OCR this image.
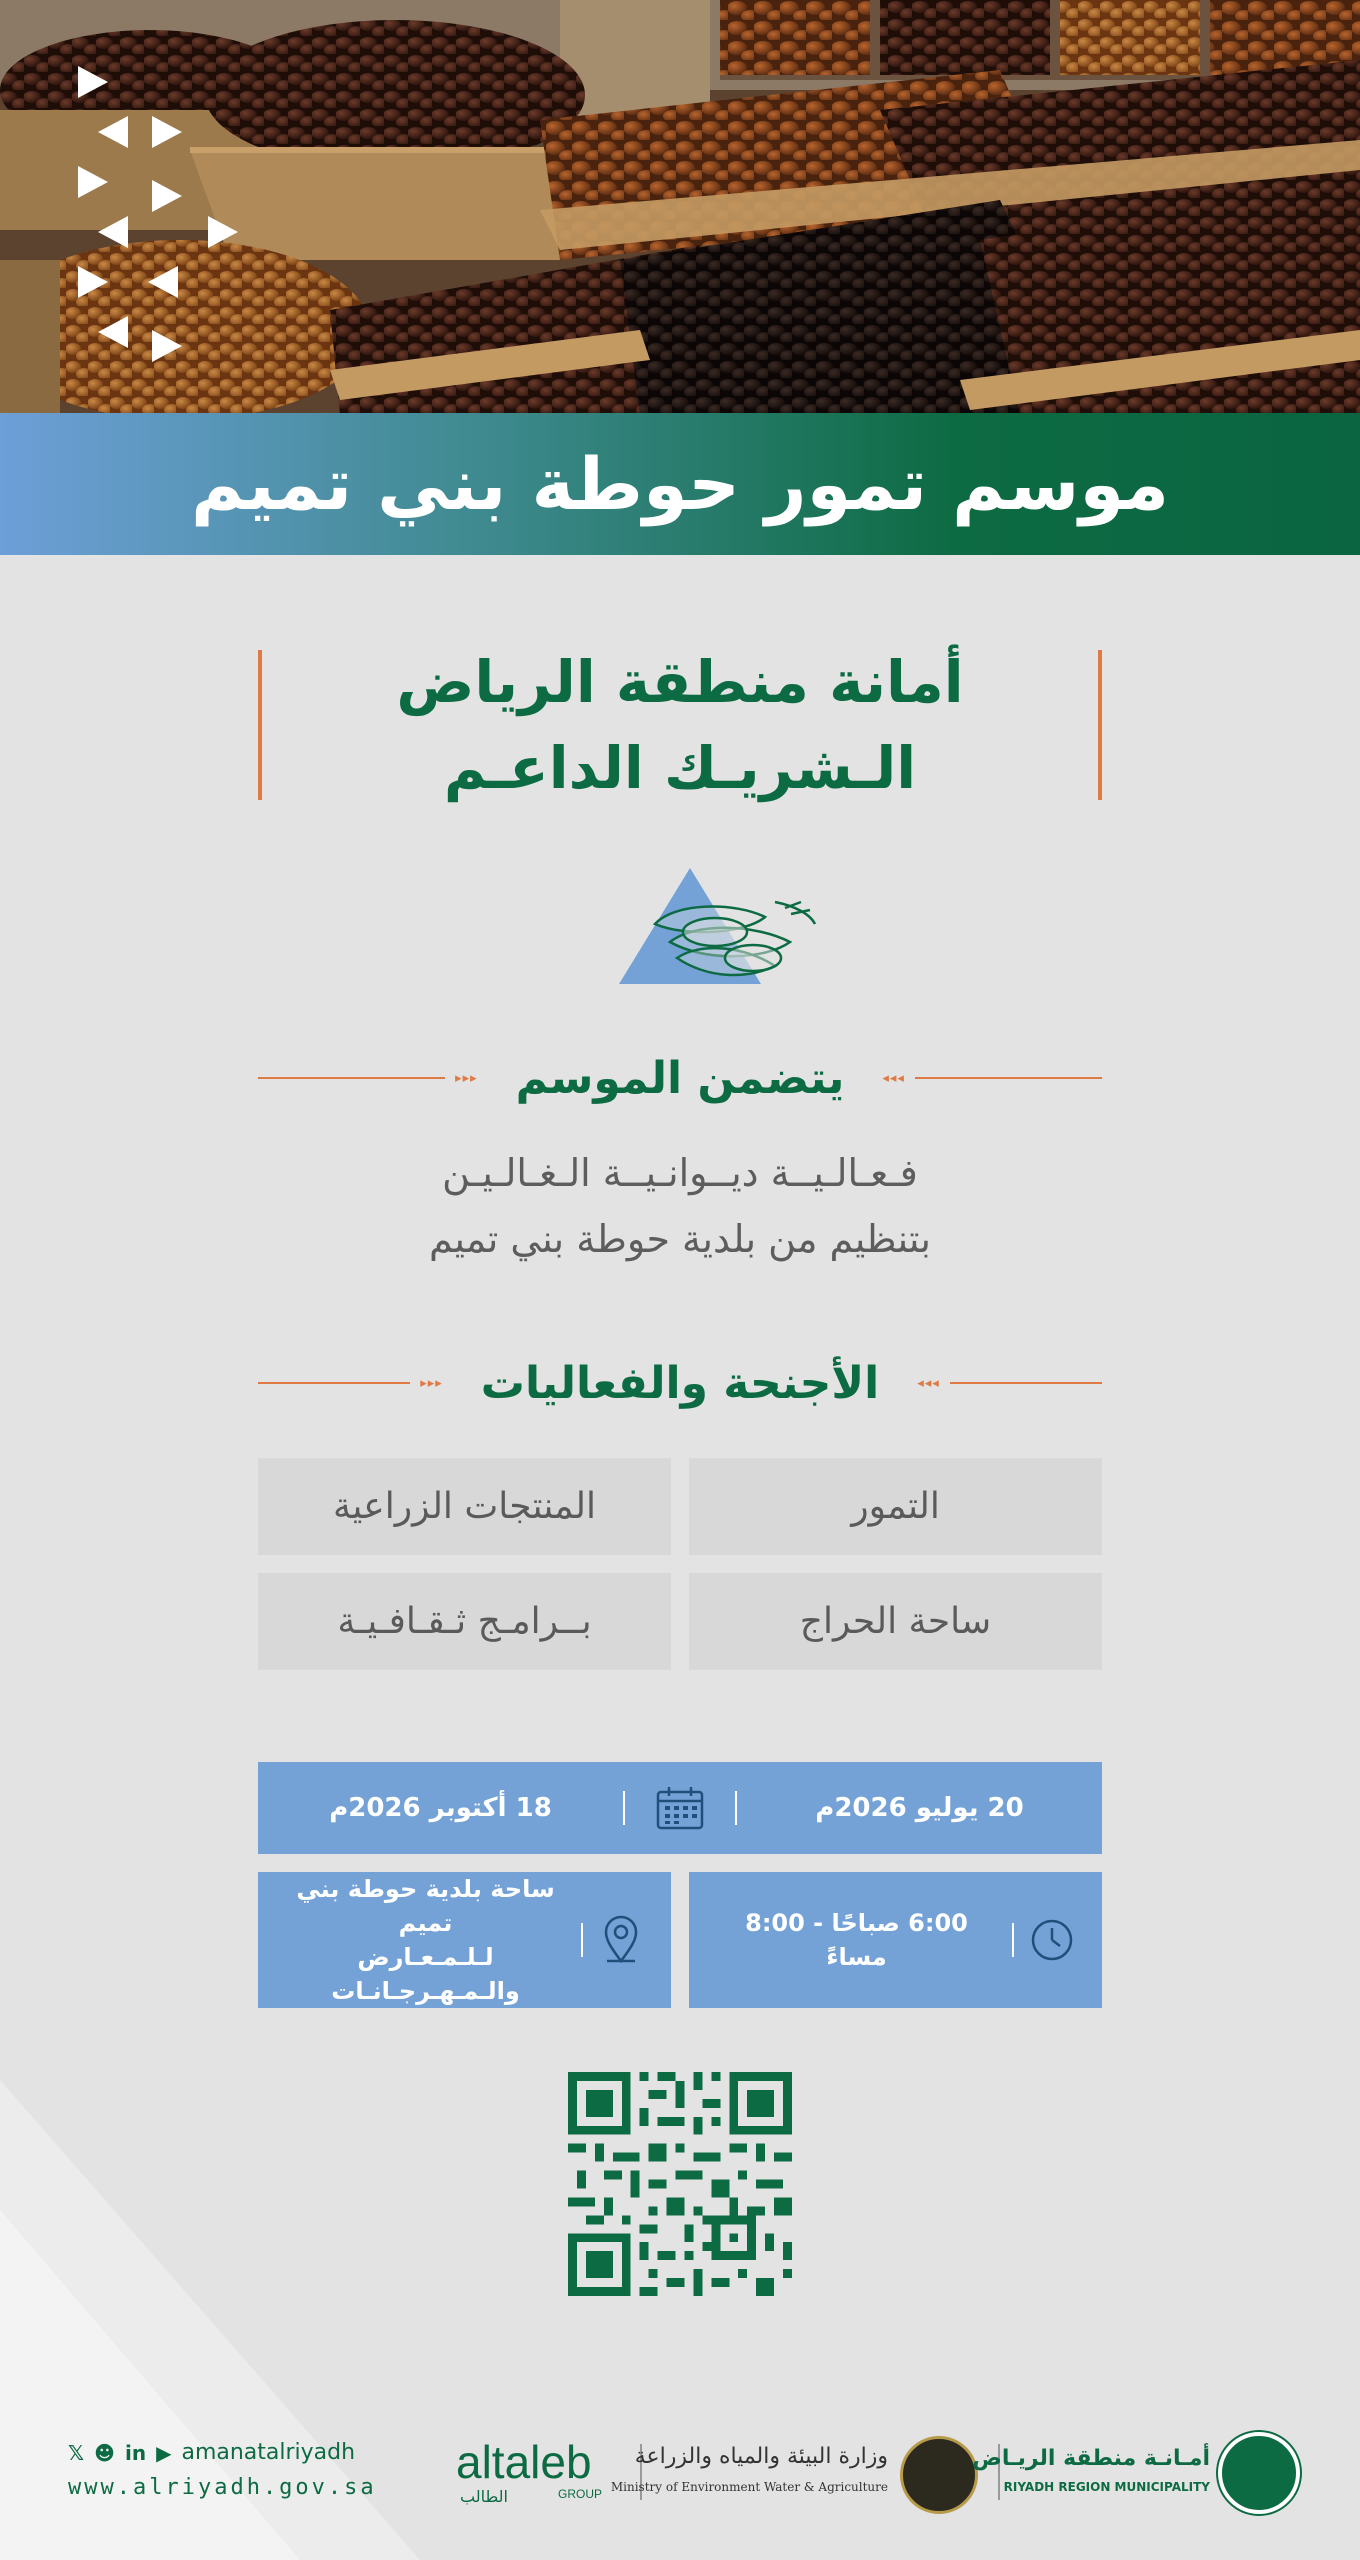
موسم تمور حوطة بني تميم
أمانة منطقة الرياض
الـشريـك الداعـم
◂◂◂
يتضمن الموسم
▸▸▸
فـعـالـيــة ديــوانـيــة الـغـالـيـن
بتنظيم من بلدية حوطة بني تميم
◂◂◂
الأجنحة والفعاليات
▸▸▸
التمور
المنتجات الزراعية
ساحة الحراج
بــرامـج ثـقـافـيـة
20 يوليو 2026م
18 أكتوبر 2026م
6:00 صباحًا - 8:00 مساءً
ساحة بلدية حوطة بني تميم
لـلـمـعـارض والـمـهـرجـانـات
𝕏 ☻ in ▶ amanatalriyadh
www.alriyadh.gov.sa altaleb
GROUP
الطالب
وزارة البيئة والمياه والزراعة
Ministry of Environment Water & Agriculture
أمـانـة منطقة الريـاض
RIYADH REGION MUNICIPALITY
